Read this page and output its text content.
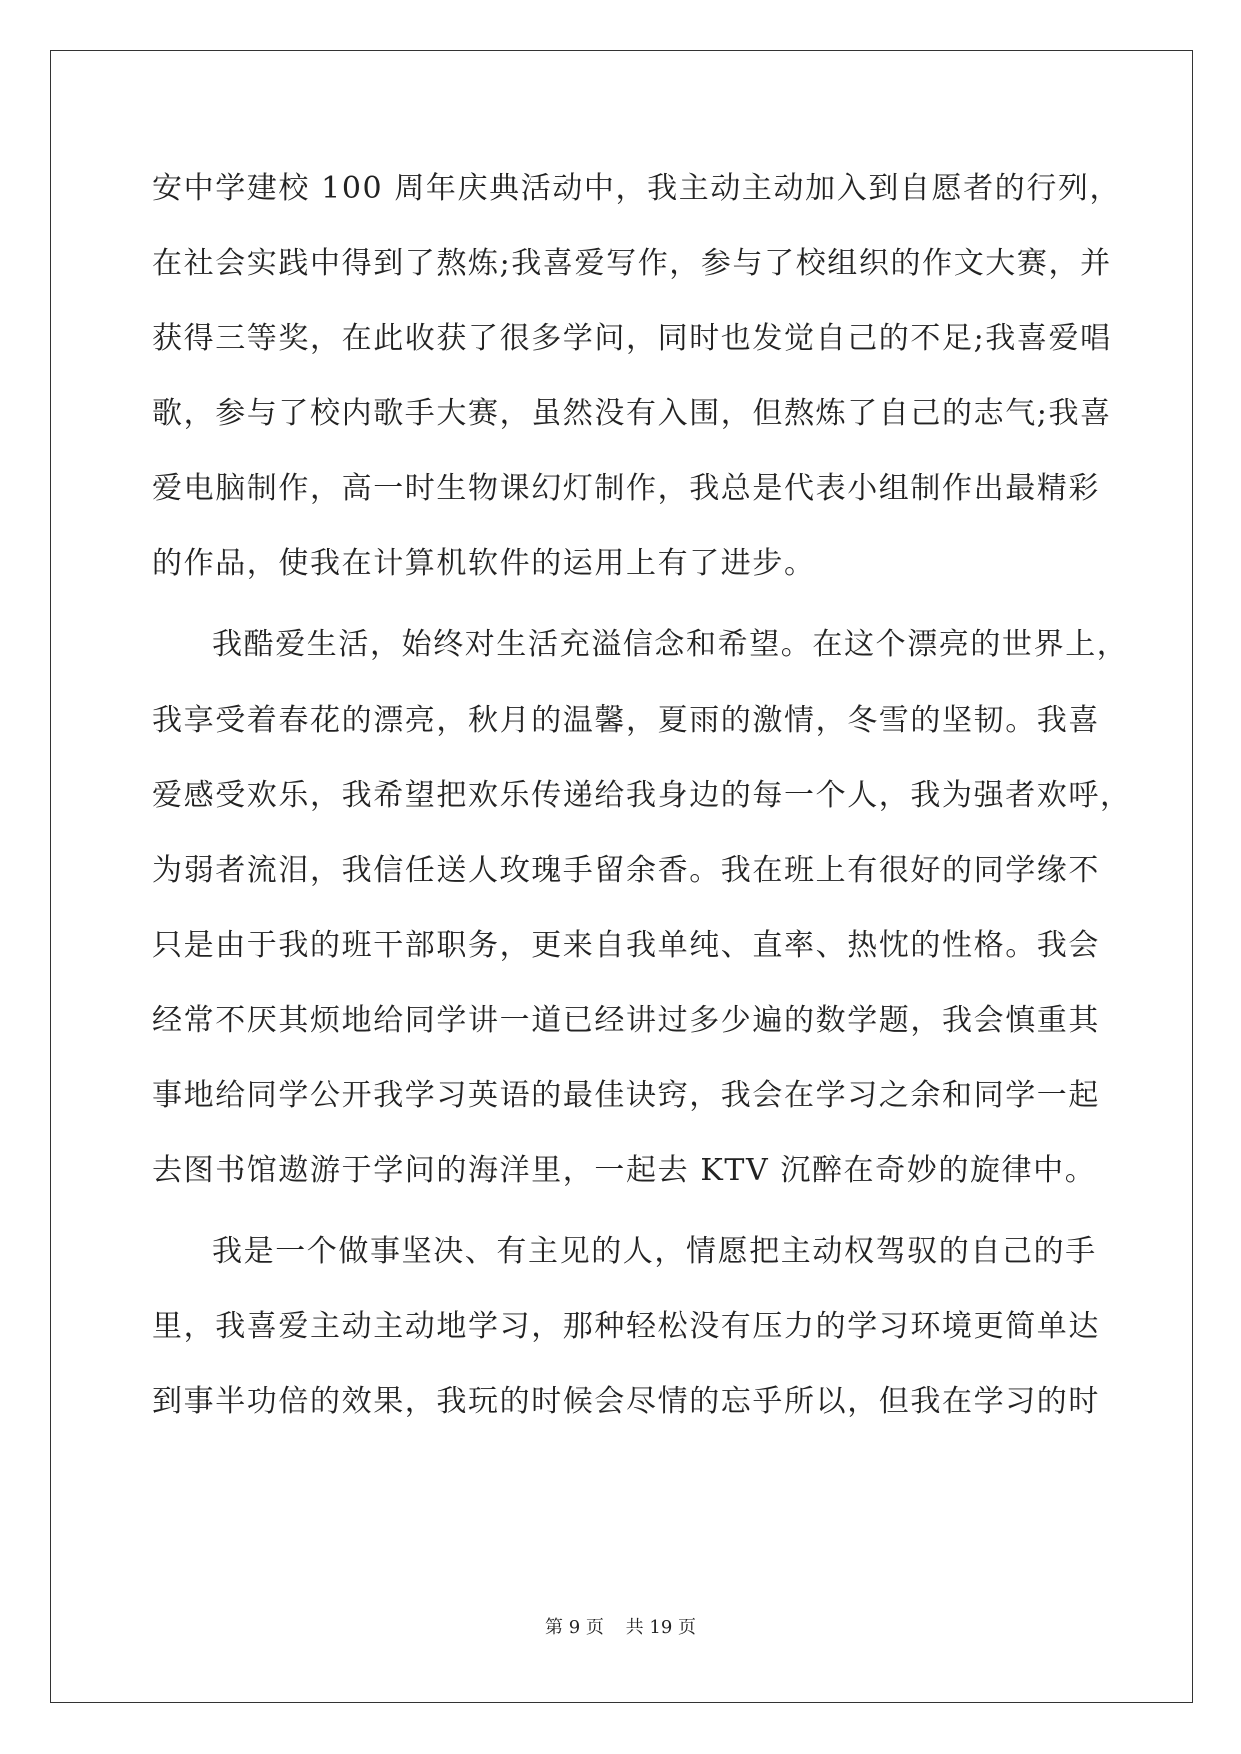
安中学建校 100 周年庆典活动中，我主动主动加入到自愿者的行列，
在社会实践中得到了熬炼;我喜爱写作，参与了校组织的作文大赛，并
获得三等奖，在此收获了很多学问，同时也发觉自己的不足;我喜爱唱
歌，参与了校内歌手大赛，虽然没有入围，但熬炼了自己的志气;我喜
爱电脑制作，高一时生物课幻灯制作，我总是代表小组制作出最精彩
的作品，使我在计算机软件的运用上有了进步。
我酷爱生活，始终对生活充溢信念和希望。在这个漂亮的世界上，
我享受着春花的漂亮，秋月的温馨，夏雨的激情，冬雪的坚韧。我喜
爱感受欢乐，我希望把欢乐传递给我身边的每一个人，我为强者欢呼，
为弱者流泪，我信任送人玫瑰手留余香。我在班上有很好的同学缘不
只是由于我的班干部职务，更来自我单纯、直率、热忱的性格。我会
经常不厌其烦地给同学讲一道已经讲过多少遍的数学题，我会慎重其
事地给同学公开我学习英语的最佳诀窍，我会在学习之余和同学一起
去图书馆遨游于学问的海洋里，一起去 KTV 沉醉在奇妙的旋律中。
我是一个做事坚决、有主见的人，情愿把主动权驾驭的自己的手
里，我喜爱主动主动地学习，那种轻松没有压力的学习环境更简单达
到事半功倍的效果，我玩的时候会尽情的忘乎所以，但我在学习的时
第 9 页 共 19 页
